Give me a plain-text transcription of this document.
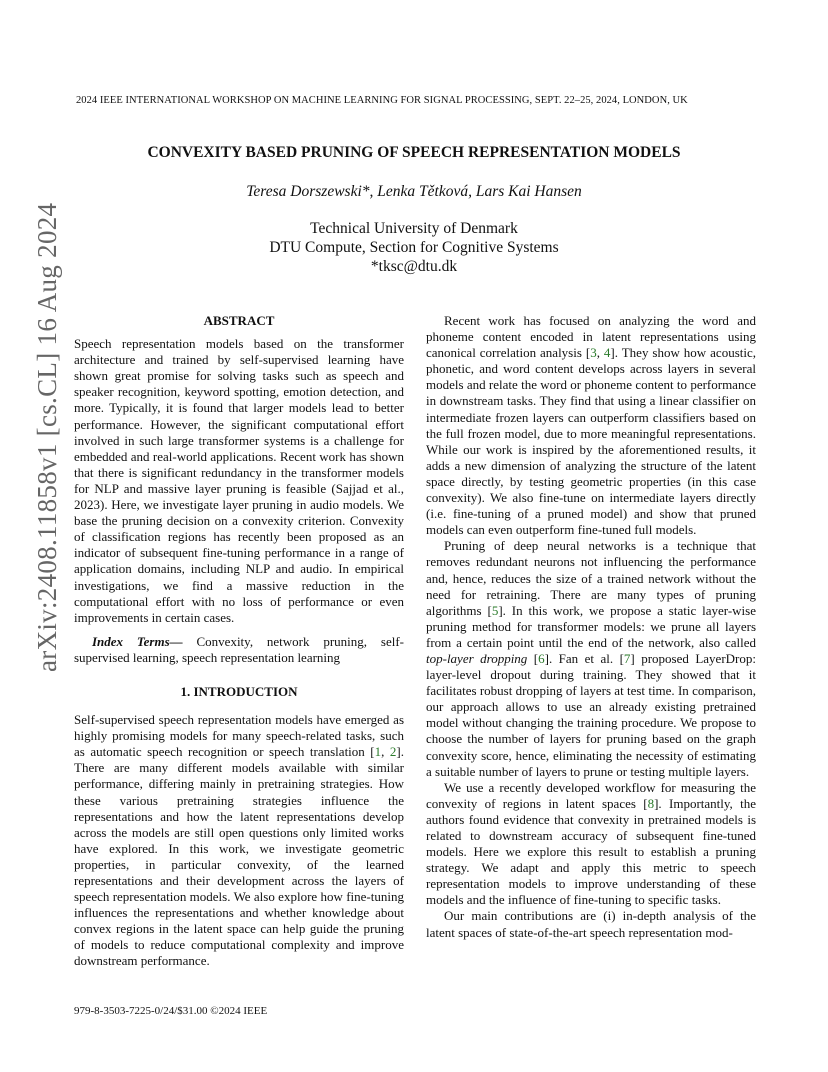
2024 IEEE INTERNATIONAL WORKSHOP ON MACHINE LEARNING FOR SIGNAL PROCESSING, SEPT. 22–25, 2024, LONDON, UK
CONVEXITY BASED PRUNING OF SPEECH REPRESENTATION MODELS
Teresa Dorszewski*, Lenka Tětková, Lars Kai Hansen
Technical University of Denmark
DTU Compute, Section for Cognitive Systems
*tksc@dtu.dk
arXiv:2408.11858v1 [cs.CL] 16 Aug 2024	ABSTRACT

Speech representation models based on the transformer architecture and trained by self-supervised learning have shown great promise for solving tasks such as speech and speaker recognition, keyword spotting, emotion detection, and more. Typically, it is found that larger models lead to better performance. However, the significant computational effort involved in such large transformer systems is a challenge for embedded and real-world applications. Recent work has shown that there is significant redundancy in the transformer models for NLP and massive layer pruning is feasible (Sajjad et al., 2023). Here, we investigate layer pruning in audio models. We base the pruning decision on a convexity criterion. Convexity of classification regions has recently been proposed as an indicator of subsequent fine-tuning performance in a range of application domains, including NLP and audio. In empirical investigations, we find a massive reduction in the computational effort with no loss of performance or even improvements in certain cases.

Index Terms— Convexity, network pruning, self-supervised learning, speech representation learning

1. INTRODUCTION

Self-supervised speech representation models have emerged as highly promising models for many speech-related tasks, such as automatic speech recognition or speech translation [1, 2]. There are many different models available with similar performance, differing mainly in pretraining strategies. How these various pretraining strategies influence the representations and how the latent representations develop across the models are still open questions only limited works have explored. In this work, we investigate geometric properties, in particular convexity, of the learned representations and their development across the layers of speech representation models. We also explore how fine-tuning influences the representations and whether knowledge about convex regions in the latent space can help guide the pruning of models to reduce computational complexity and improve downstream performance.

Recent work has focused on analyzing the word and phoneme content encoded in latent representations using canonical correlation analysis [3, 4]. They show how acoustic, phonetic, and word content develops across layers in several models and relate the word or phoneme content to performance in downstream tasks. They find that using a linear classifier on intermediate frozen layers can outperform classifiers based on the full frozen model, due to more meaningful representations. While our work is inspired by the aforementioned results, it adds a new dimension of analyzing the structure of the latent space directly, by testing geometric properties (in this case convexity). We also fine-tune on intermediate layers directly (i.e. fine-tuning of a pruned model) and show that pruned models can even outperform fine-tuned full models.

Pruning of deep neural networks is a technique that removes redundant neurons not influencing the performance and, hence, reduces the size of a trained network without the need for retraining. There are many types of pruning algorithms [5]. In this work, we propose a static layer-wise pruning method for transformer models: we prune all layers from a certain point until the end of the network, also called top-layer dropping [6]. Fan et al. [7] proposed LayerDrop: layer-level dropout during training. They showed that it facilitates robust dropping of layers at test time. In comparison, our approach allows to use an already existing pretrained model without changing the training procedure. We propose to choose the number of layers for pruning based on the graph convexity score, hence, eliminating the necessity of estimating a suitable number of layers to prune or testing multiple layers.

We use a recently developed workflow for measuring the convexity of regions in latent spaces [8]. Importantly, the authors found evidence that convexity in pretrained models is related to downstream accuracy of subsequent fine-tuned models. Here we explore this result to establish a pruning strategy. We adapt and apply this metric to speech representation models to improve understanding of these models and the influence of fine-tuning to specific tasks.

Our main contributions are (i) in-depth analysis of the latent spaces of state-of-the-art speech representation mod-

979-8-3503-7225-0/24/$31.00 ©2024 IEEE
